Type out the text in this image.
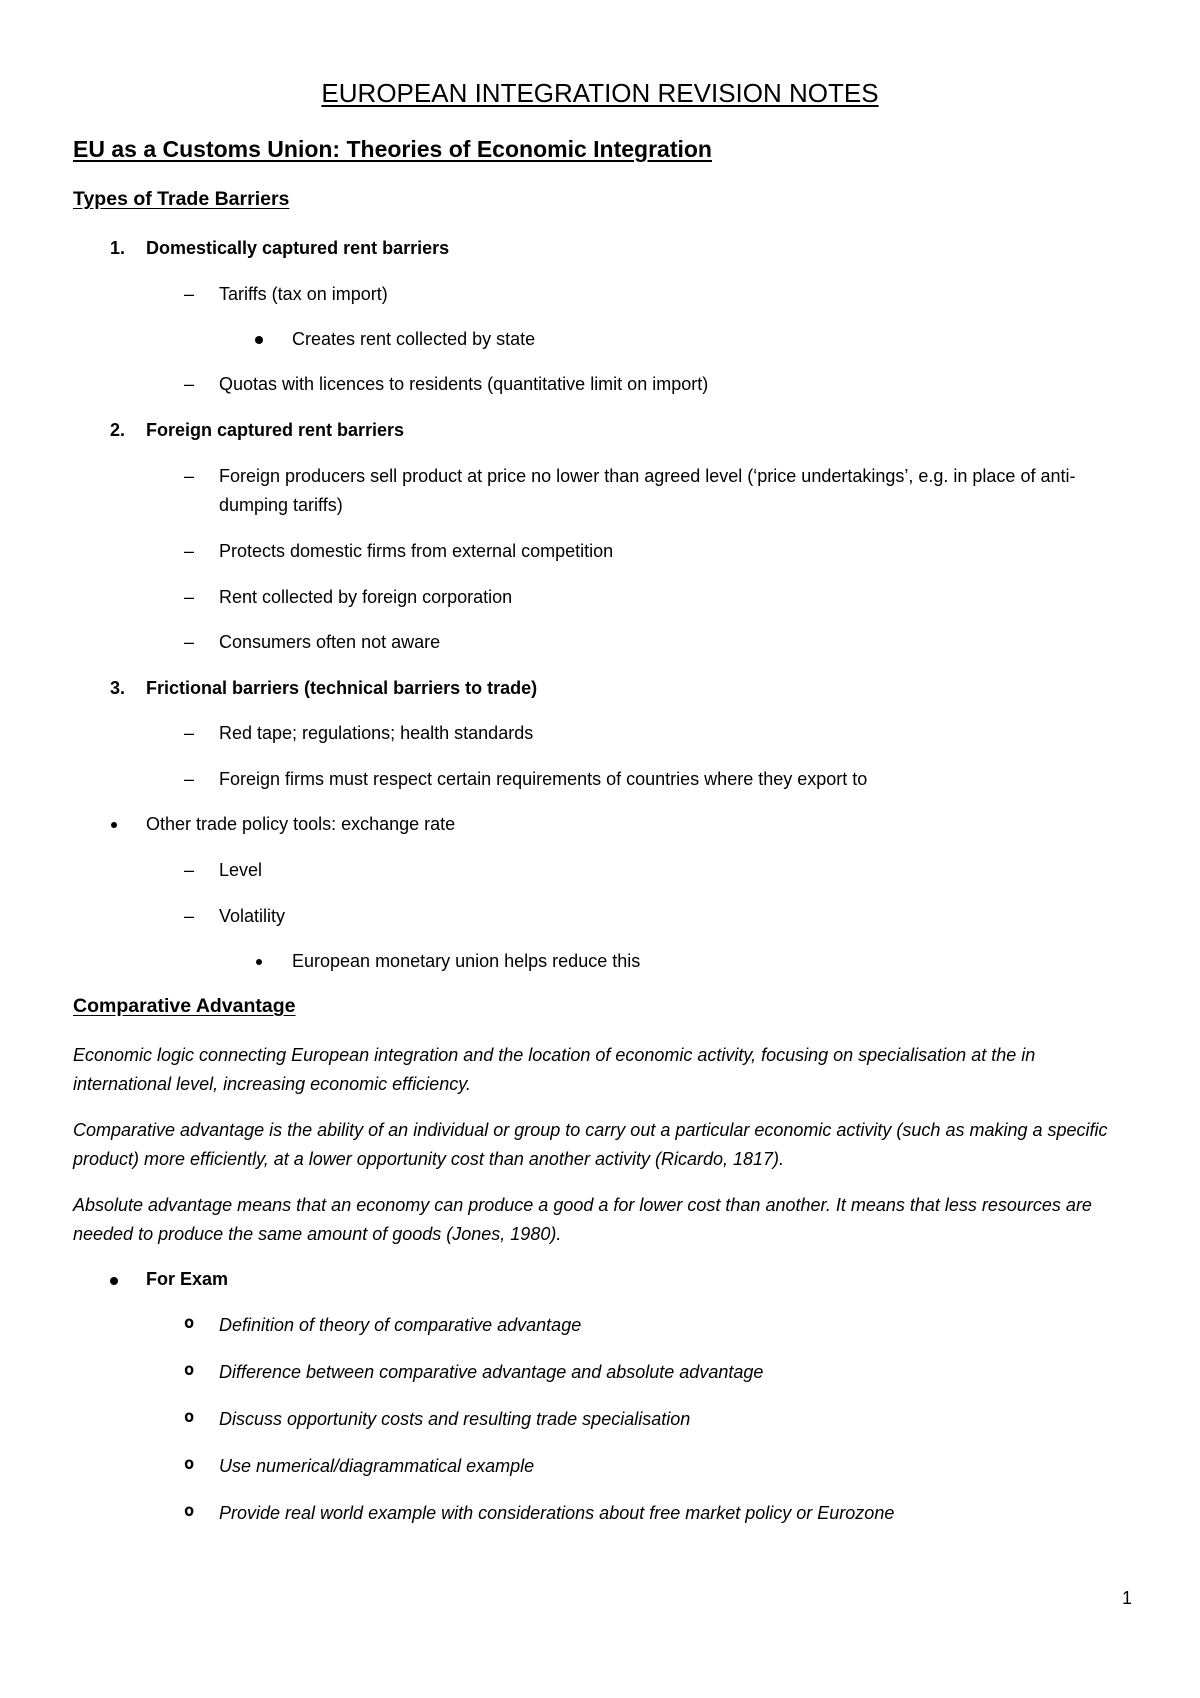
EUROPEAN INTEGRATION REVISION NOTES
EU as a Customs Union: Theories of Economic Integration
Types of Trade Barriers
1. Domestically captured rent barriers
– Tariffs (tax on import)
Creates rent collected by state
– Quotas with licences to residents (quantitative limit on import)
2. Foreign captured rent barriers
– Foreign producers sell product at price no lower than agreed level (‘price undertakings’, e.g. in place of anti-dumping tariffs)
– Protects domestic firms from external competition
– Rent collected by foreign corporation
– Consumers often not aware
3. Frictional barriers (technical barriers to trade)
– Red tape; regulations; health standards
– Foreign firms must respect certain requirements of countries where they export to
Other trade policy tools: exchange rate
– Level
– Volatility
European monetary union helps reduce this
Comparative Advantage

Economic logic connecting European integration and the location of economic activity, focusing on specialisation at the in international level, increasing economic efficiency.

Comparative advantage is the ability of an individual or group to carry out a particular economic activity (such as making a specific product) more efficiently, at a lower opportunity cost than another activity (Ricardo, 1817).

Absolute advantage means that an economy can produce a good a for lower cost than another. It means that less resources are needed to produce the same amount of goods (Jones, 1980).

For Exam
o Definition of theory of comparative advantage
o Difference between comparative advantage and absolute advantage
o Discuss opportunity costs and resulting trade specialisation
o Use numerical/diagrammatical example
o Provide real world example with considerations about free market policy or Eurozone
1
